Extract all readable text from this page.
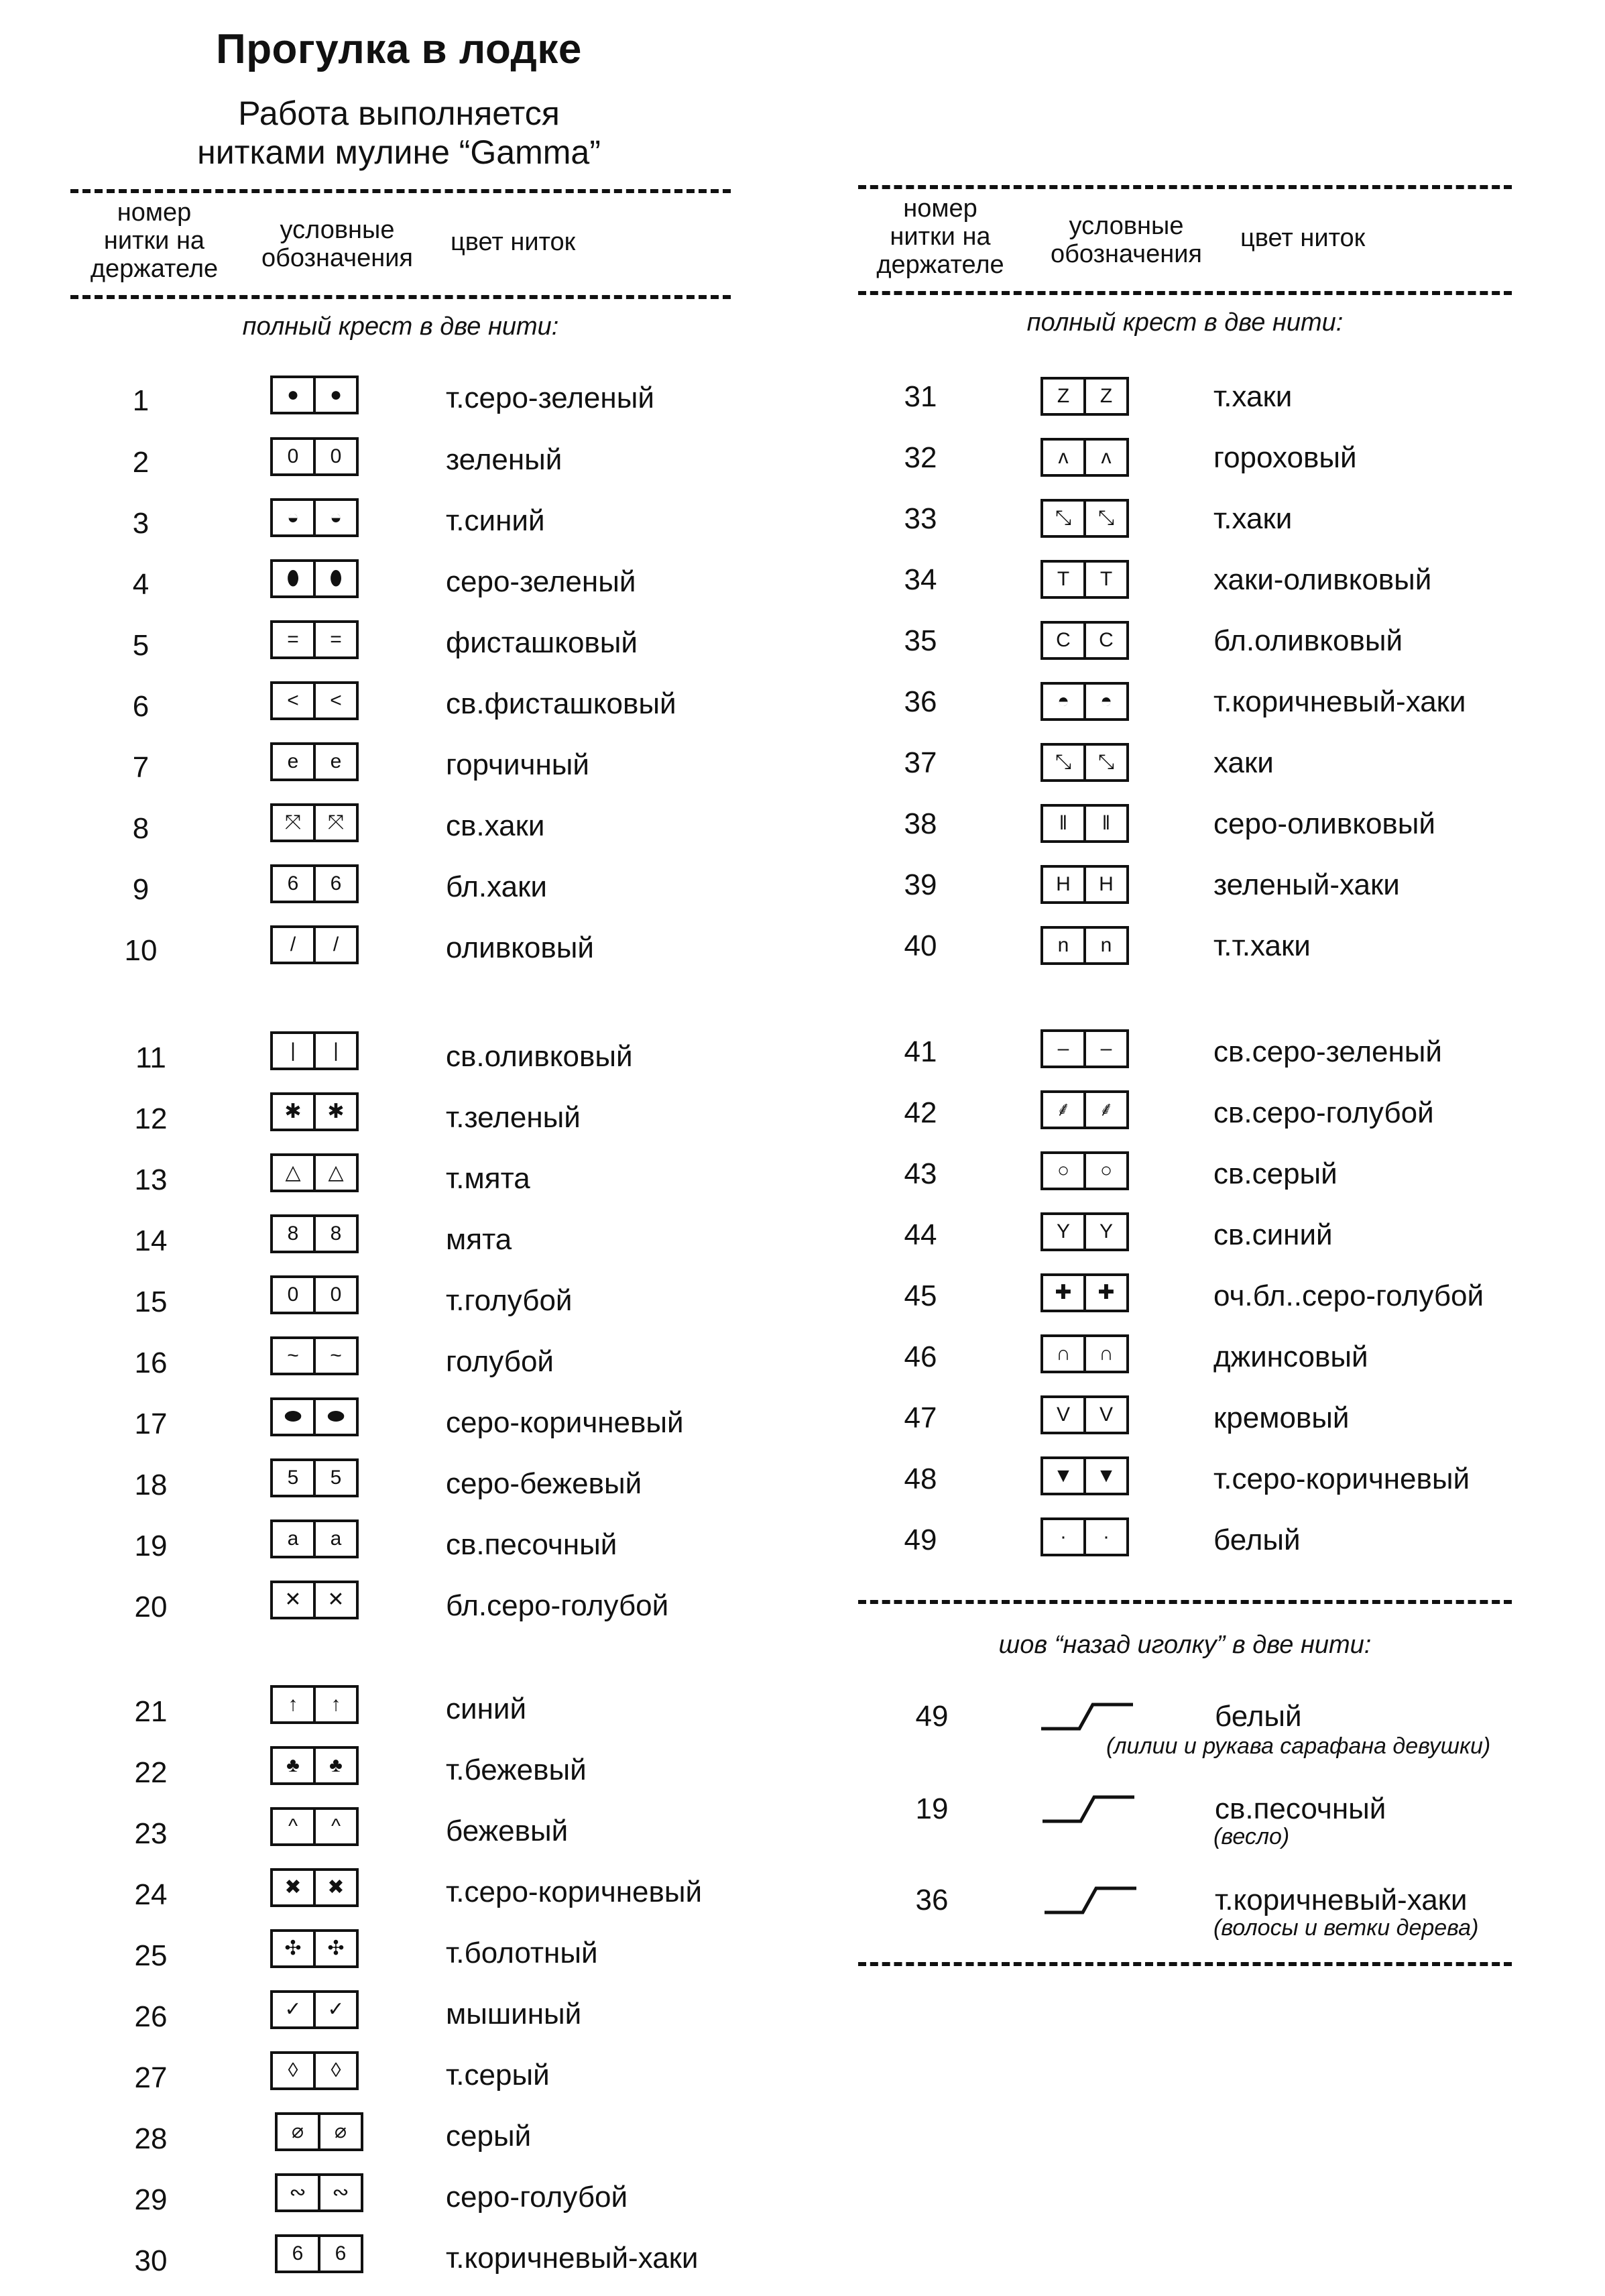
Прогулка в лодке
Работа выполняется
нитками мулине “Gamma”
номер
нитки на
держателе
условные
обозначения
цвет ниток
полный крест в две нити:
номер
нитки на
держателе
условные
обозначения
цвет ниток
полный крест в две нити:
1	●	●	т.серо-зеленый
2	0	0	зеленый
3	◒	◒	т.синий
4	⬮	⬮	серо-зеленый
5	=	=	фисташковый
6	<	<	св.фисташковый
7	e	e	горчичный
8	⤧	⤧	св.хаки
9	6	6	бл.хаки
10	/	/	оливковый
11	|	|	св.оливковый
12	✱	✱	т.зеленый
13	△	△	т.мята
14	8	8	мята
15	0	0	т.голубой
16	~	~	голубой
17	⬬	⬬	серо-коричневый
18	5	5	серо-бежевый
19	a	a	св.песочный
20	✕	✕	бл.серо-голубой
21	↑	↑	синий
22	♣	♣	т.бежевый
23	^	^	бежевый
24	✖	✖	т.серо-коричневый
25	✣	✣	т.болотный
26	✓	✓	мышиный
27	◊	◊	т.серый
28	⌀	⌀	серый
29	∾	∾	серо-голубой
30	6	6	т.коричневый-хаки
31	Z	Z	т.хаки
32	ʌ	ʌ	гороховый
33	⤡	⤡	т.хаки
34	T	T	хаки-оливковый
35	C	C	бл.оливковый
36	◓	◓	т.коричневый-хаки
37	⤡	⤡	хаки
38	‖	‖	серо-оливковый
39	H	H	зеленый-хаки
40	n	n	т.т.хаки
41	–	–	св.серо-зеленый
42	⸙	⸙	св.серо-голубой
43	○	○	св.серый
44	Y	Y	св.синий
45	✚	✚	оч.бл..серо-голубой
46	∩	∩	джинсовый
47	V	V	кремовый
48	▼	▼	т.серо-коричневый
49	·	·	белый
шов “назад иголку” в две нити:
49	белый
(лилии и рукава сарафана девушки)
19	св.песочный
(весло)
36	т.коричневый-хаки
(волосы и ветки дерева)
